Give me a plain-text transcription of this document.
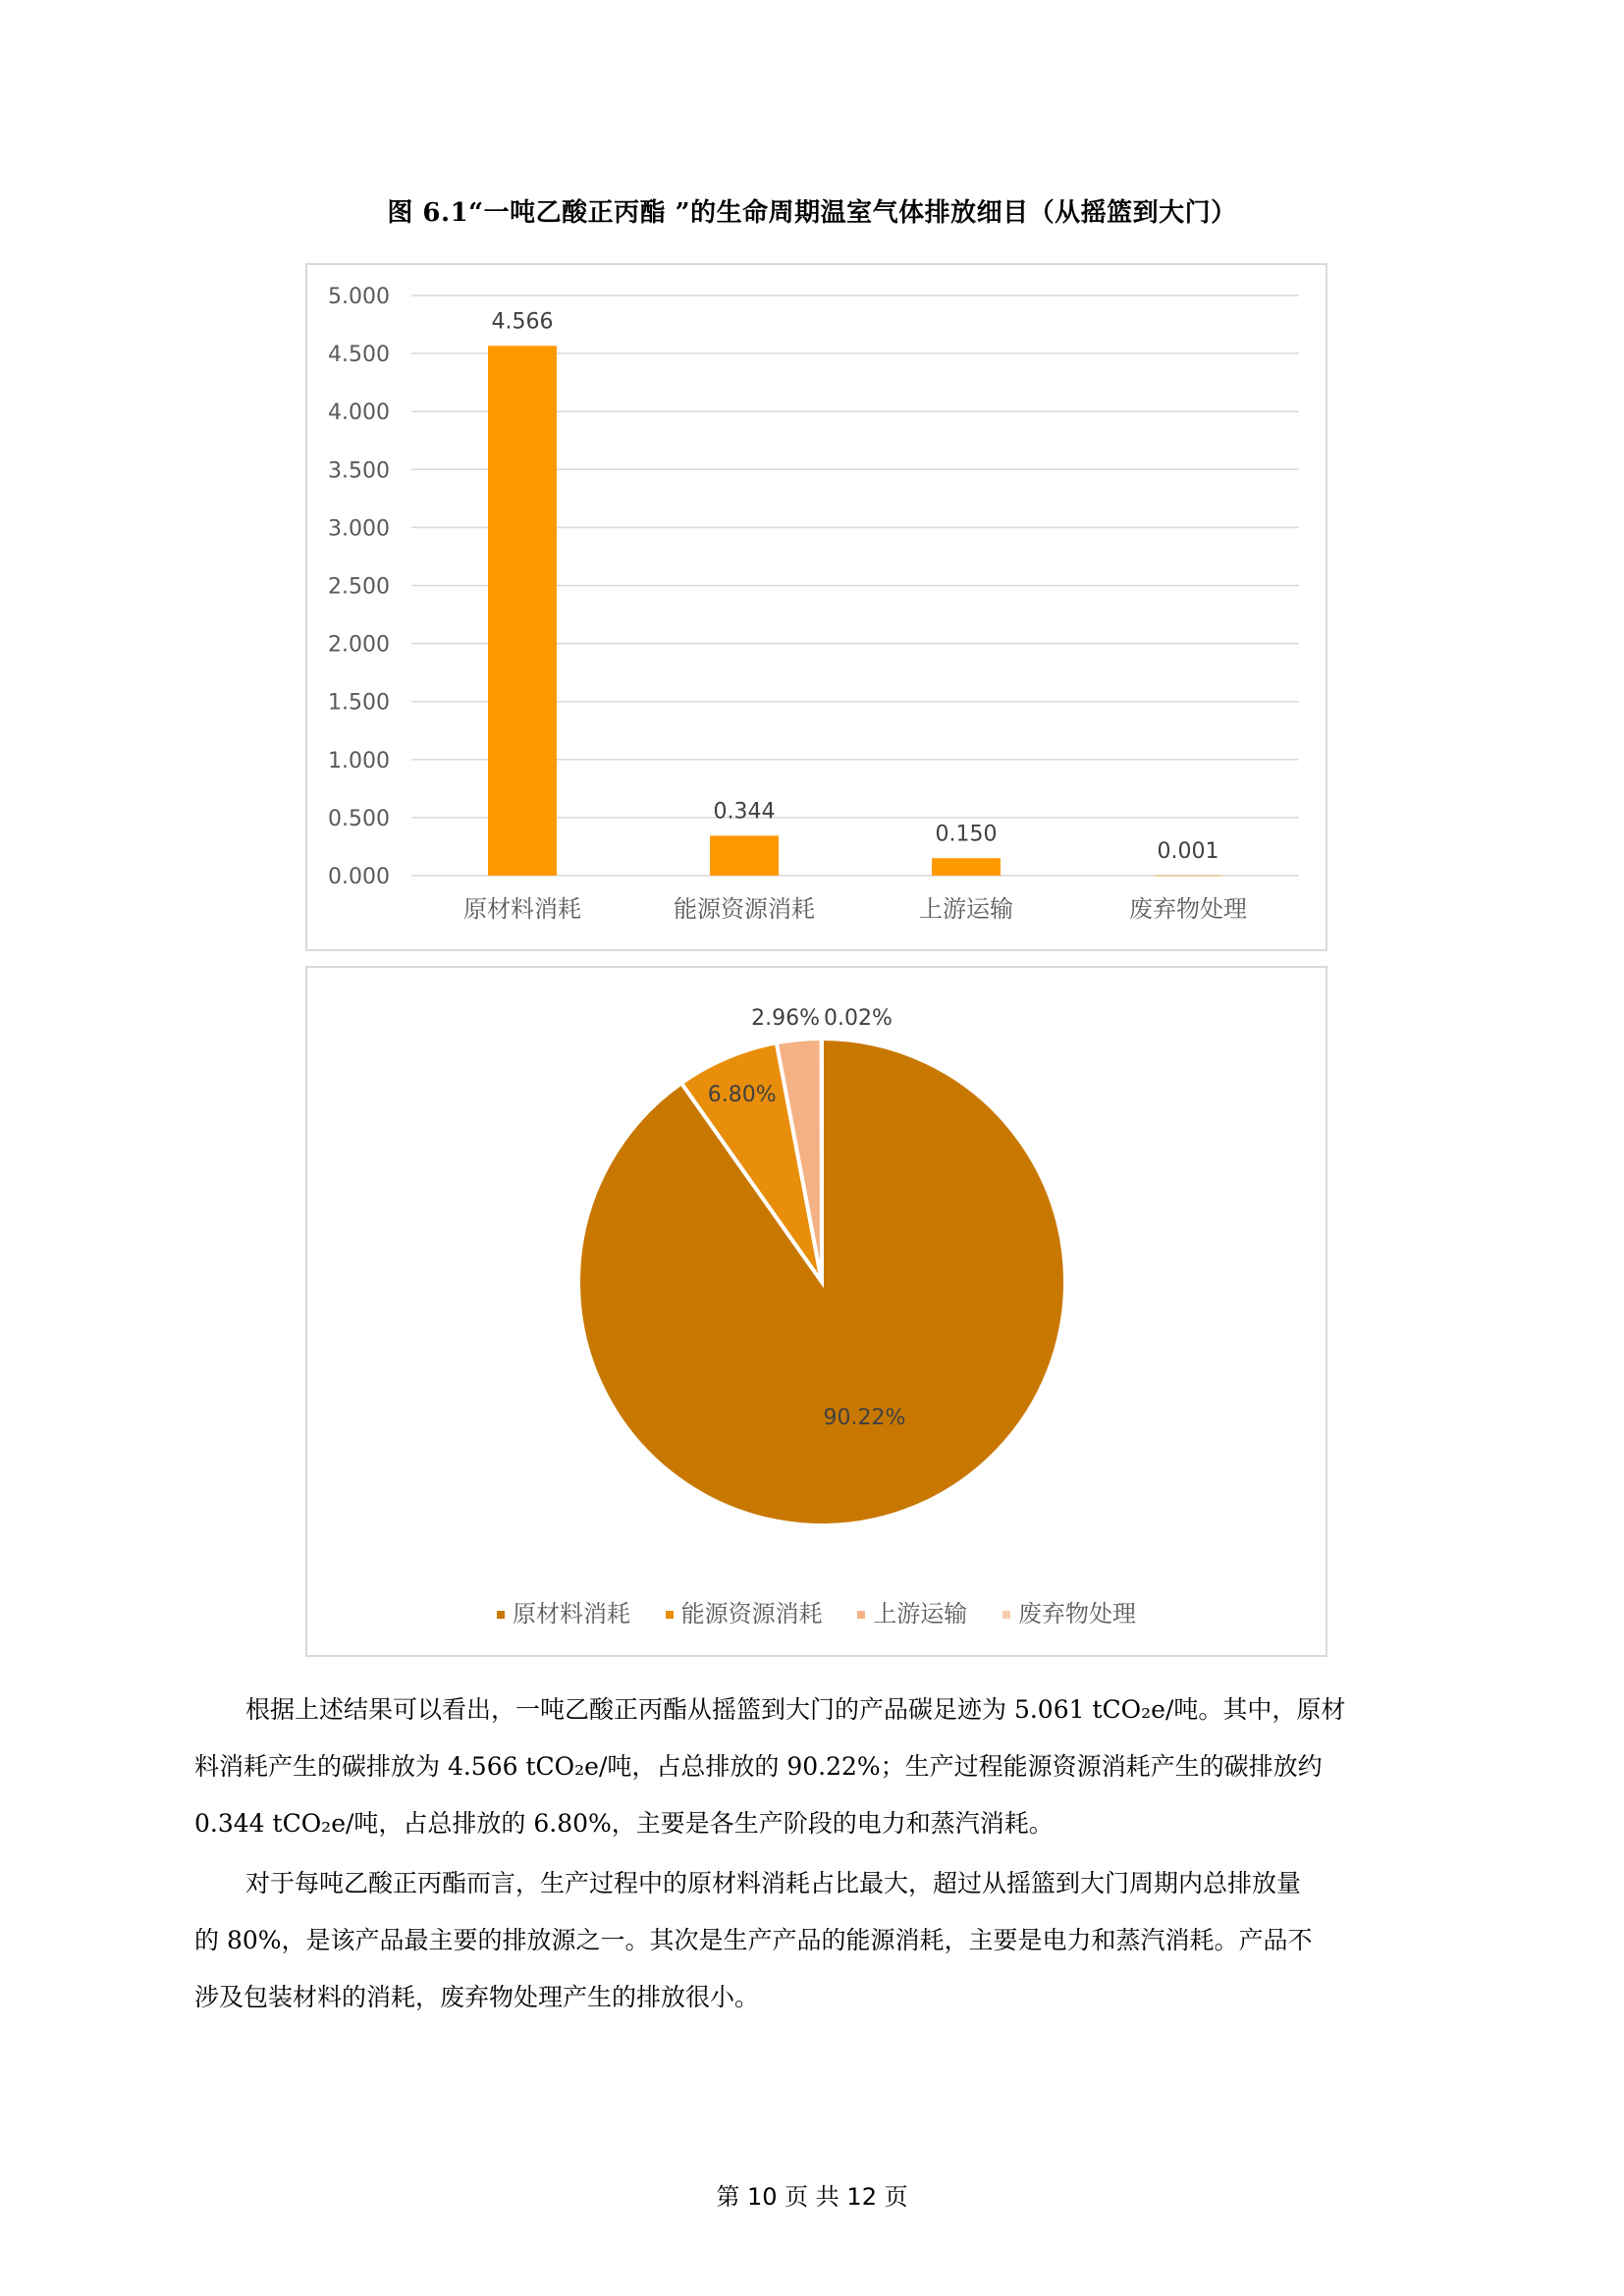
图 6.1“一吨乙酸正丙酯 ”的生命周期温室气体排放细目（从摇篮到大门）
0.000
0.500
1.000
1.500
2.000
2.500
3.000
3.500
4.000
4.500
5.000
4.566
原材料消耗
0.344
能源资源消耗
0.150
上游运输
0.001
废弃物处理
90.22%
6.80%
2.96% 0.02%
原材料消耗 能源资源消耗 上游运输 废弃物处理
根据上述结果可以看出，一吨乙酸正丙酯从摇篮到大门的产品碳足迹为 5.061 tCO₂e/吨。其中，原材
料消耗产生的碳排放为 4.566 tCO₂e/吨，占总排放的 90.22%；生产过程能源资源消耗产生的碳排放约
0.344 tCO₂e/吨，占总排放的 6.80%，主要是各生产阶段的电力和蒸汽消耗。
对于每吨乙酸正丙酯而言，生产过程中的原材料消耗占比最大，超过从摇篮到大门周期内总排放量
的 80%，是该产品最主要的排放源之一。其次是生产产品的能源消耗，主要是电力和蒸汽消耗。产品不
涉及包装材料的消耗，废弃物处理产生的排放很小。
第 10 页 共 12 页
